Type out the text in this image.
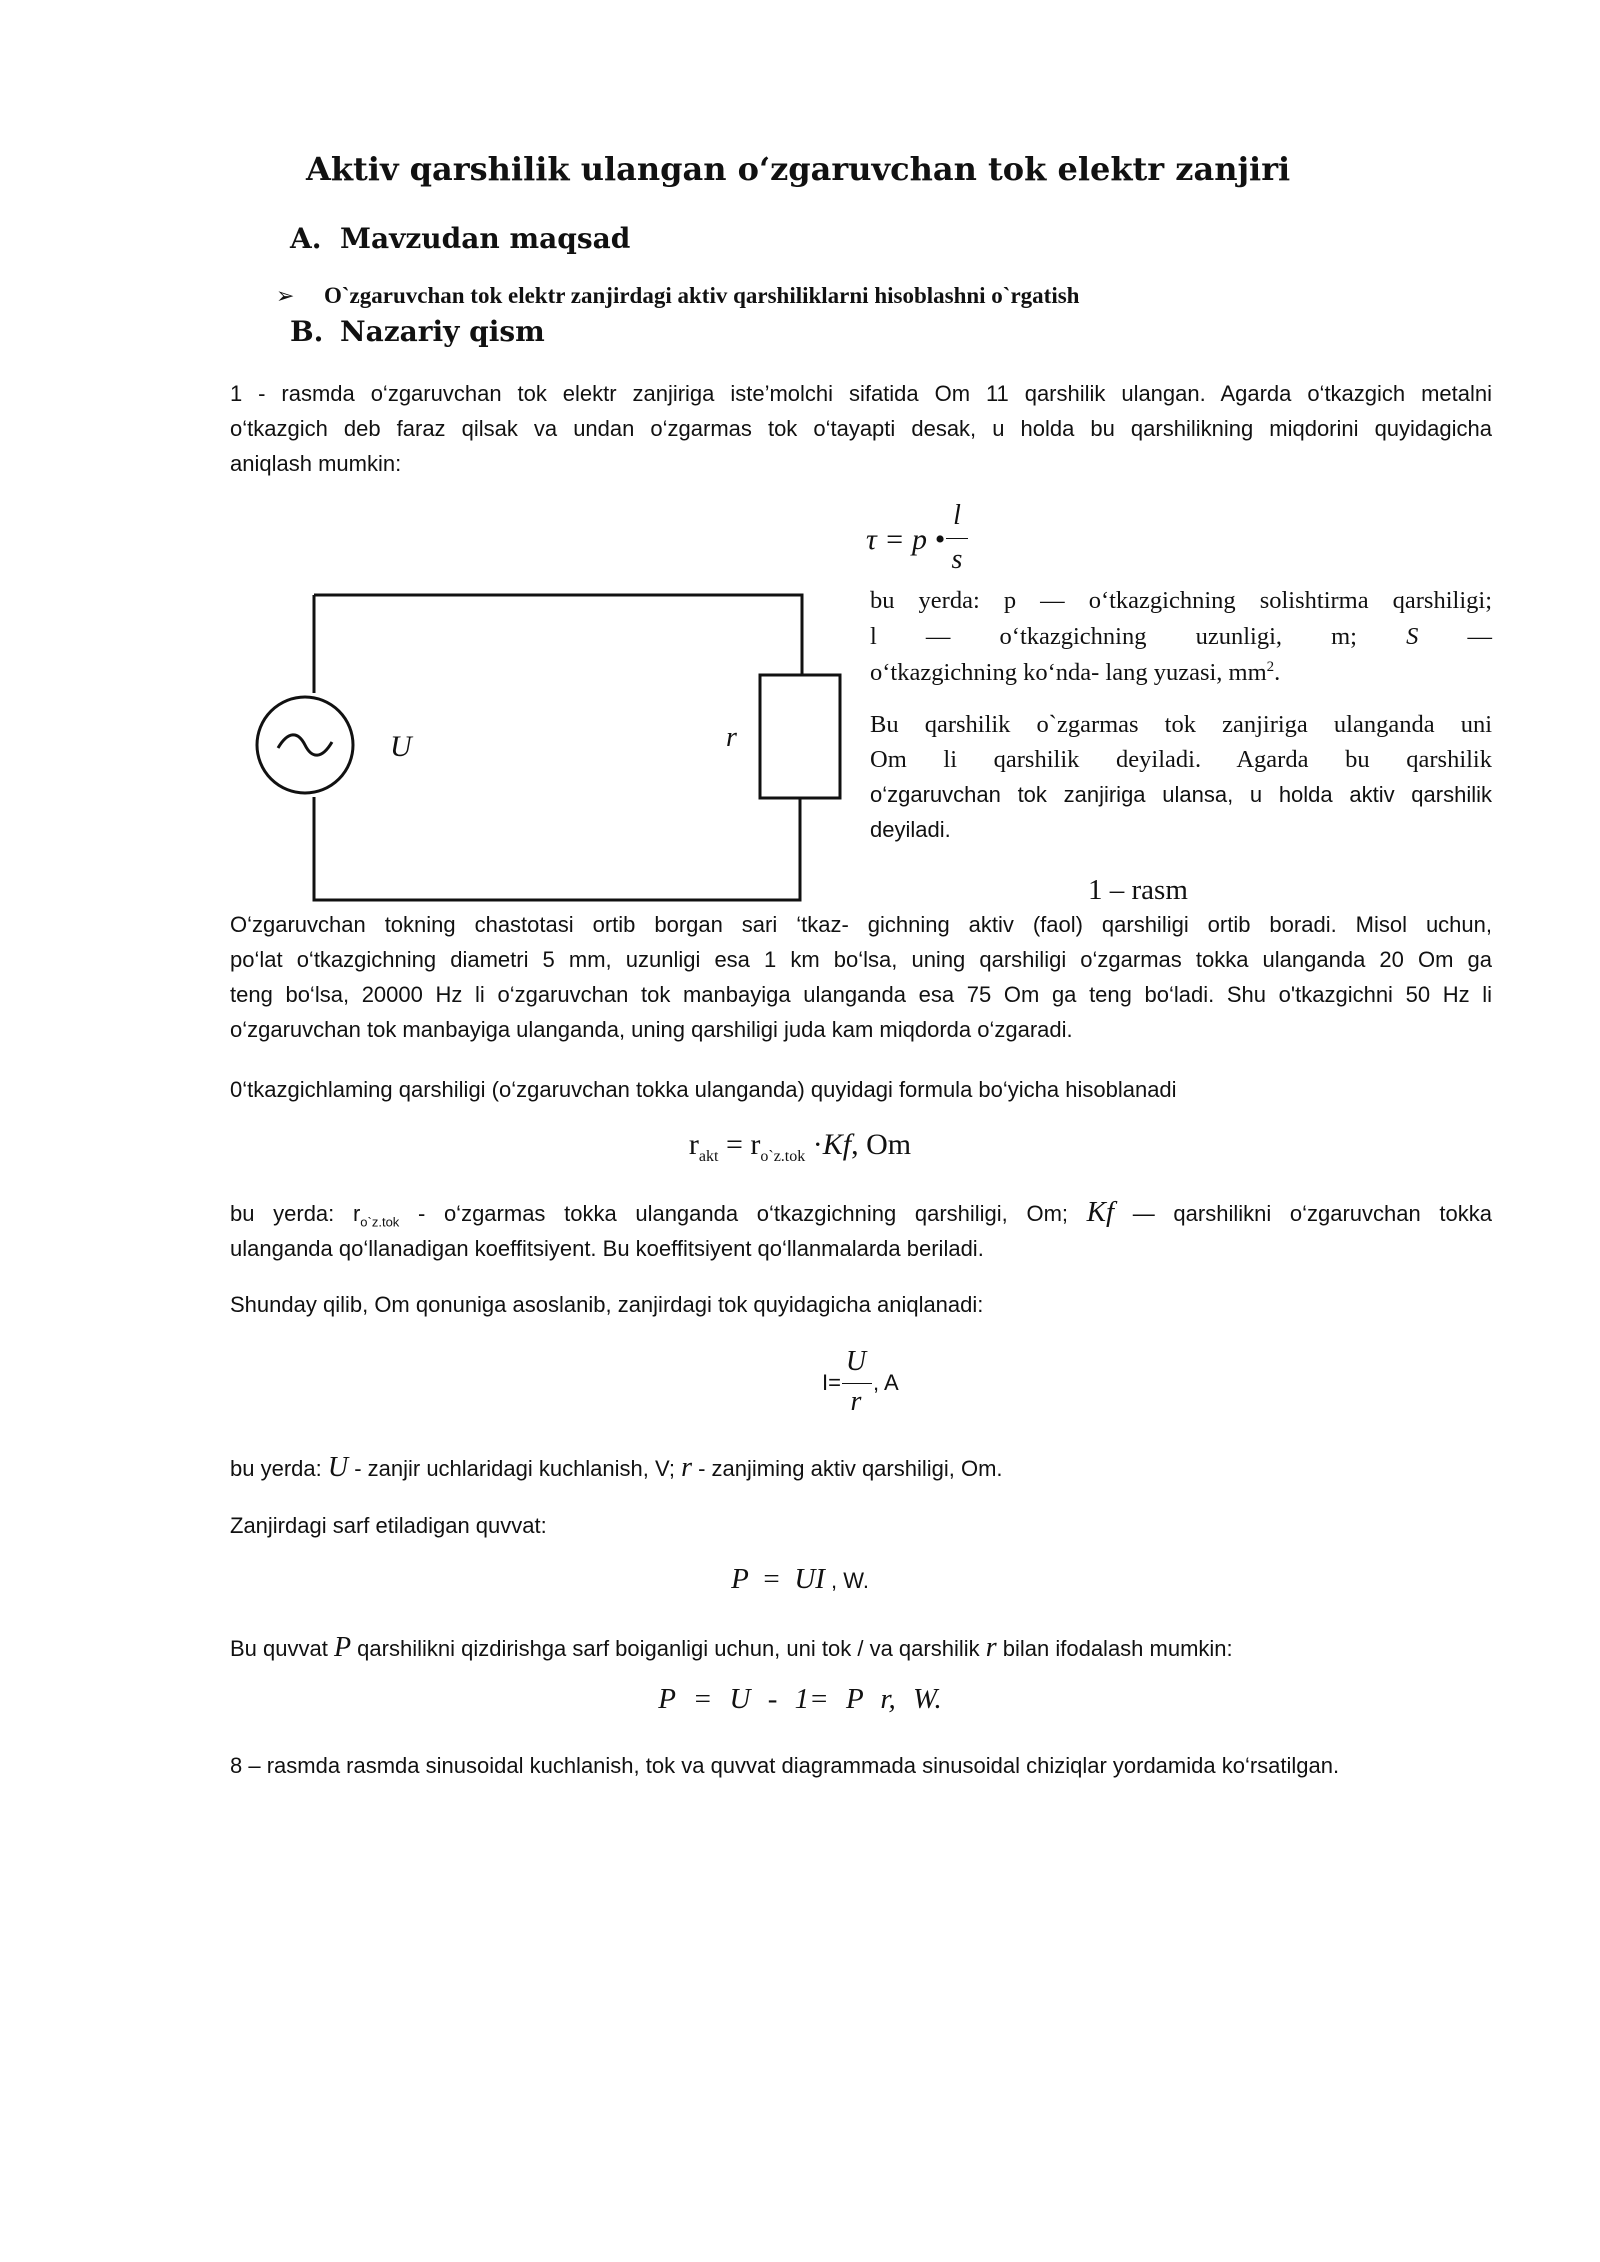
Aktiv qarshilik ulangan o‘zgaruvchan tok elektr zanjiri
A. Mavzudan maqsad
➢ O`zgaruvchan tok elektr zanjirdagi aktiv qarshiliklarni hisoblashni o`rgatish
B. Nazariy qism
1 - rasmda o‘zgaruvchan tok elektr zanjiriga iste’molchi sifatida Om 11 qarshilik ulangan. Agarda o‘tkazgich metalni
o‘tkazgich deb faraz qilsak va undan o‘zgarmas tok o‘tayapti desak, u holda bu qarshilikning miqdorini quyidagicha
aniqlash mumkin:
τ = p •
l
s
bu yerda: p — o‘tkazgichning solishtirma qarshiligi;
l — o‘tkazgichning uzunligi, m; S —
o‘tkazgichning ko‘nda- lang yuzasi, $mm^2$.
Bu qarshilik o`zgarmas tok zanjiriga ulanganda uni
Om li qarshilik deyiladi. Agarda bu qarshilik
o‘zgaruvchan tok zanjiriga ulansa, u holda aktiv qarshilik
deyiladi.
U	r
1 – rasm
O‘zgaruvchan tokning chastotasi ortib borgan sari ‘tkaz- gichning aktiv (faol) qarshiligi ortib boradi. Misol uchun,
po‘lat o‘tkazgichning diametri 5 mm, uzunligi esa 1 km bo‘lsa, uning qarshiligi o‘zgarmas tokka ulanganda 20 Om ga
teng bo‘lsa, 20000 Hz li o‘zgaruvchan tok manbayiga ulanganda esa 75 Om ga teng bo‘ladi. Shu o'tkazgichni 50 Hz li
o‘zgaruvchan tok manbayiga ulanganda, uning qarshiligi juda kam miqdorda o‘zgaradi.
0‘tkazgichlaming qarshiligi (o‘zgaruvchan tokka ulanganda) quyidagi formula bo‘yicha hisoblanadi
$r_{akt} = r_{o`z.tok} \cdot Kf$, Om
bu yerda: $r_{o`z.tok}$ - o‘zgarmas tokka ulanganda o‘tkazgichning qarshiligi, Om; Kf — qarshilikni o‘zgaruvchan tokka
ulanganda qo‘llanadigan koeffitsiyent. Bu koeffitsiyent qo‘llanmalarda beriladi.
Shunday qilib, Om qonuniga asoslanib, zanjirdagi tok quyidagicha aniqlanadi:
I=
U
r
, A
bu yerda: U - zanjir uchlaridagi kuchlanish, V; r - zanjiming aktiv qarshiligi, Om.
Zanjirdagi sarf etiladigan quvvat:
P = UI , W.
Bu quvvat P qarshilikni qizdirishga sarf boiganligi uchun, uni tok / va qarshilik r bilan ifodalash mumkin:
P = U - 1= P r, W.
8 – rasmda rasmda sinusoidal kuchlanish, tok va quvvat diagrammada sinusoidal chiziqlar yordamida ko‘rsatilgan.
